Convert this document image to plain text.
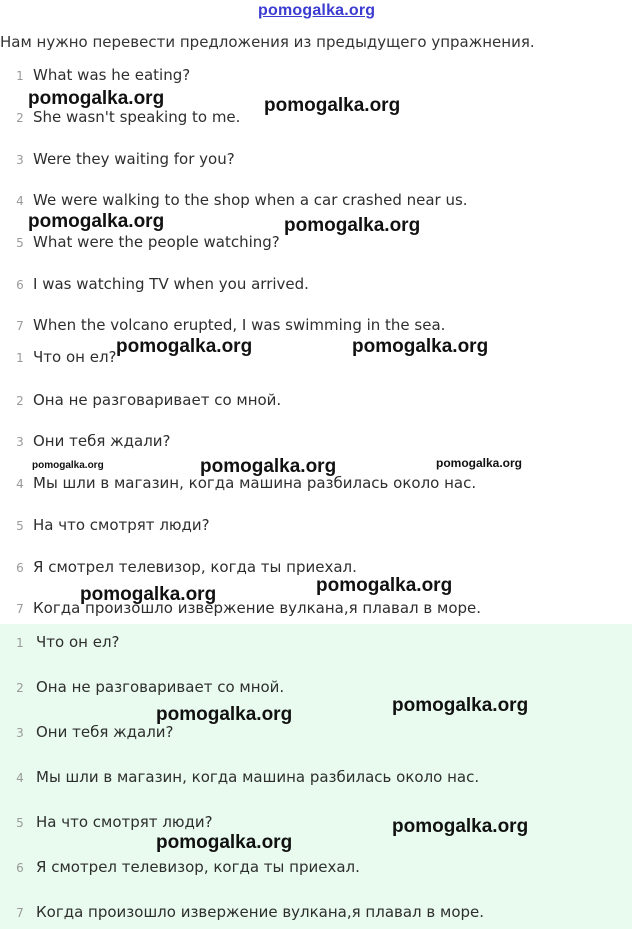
pomogalka.org
Нам нужно перевести предложения из предыдущего упражнения.
1 What was he eating?
2 She wasn't speaking to me.
3 Were they waiting for you?
4 We were walking to the shop when a car crashed near us.
5 What were the people watching?
6 I was watching TV when you arrived.
7 When the volcano erupted, I was swimming in the sea.
1 Что он ел?
2 Она не разговаривает со мной.
3 Они тебя ждали?
4 Мы шли в магазин, когда машина разбилась около нас.
5 На что смотрят люди?
6 Я смотрел телевизор, когда ты приехал.
7 Когда произошло извержение вулкана,я плавал в море.
1 Что он ел?
2 Она не разговаривает со мной.
3 Они тебя ждали?
4 Мы шли в магазин, когда машина разбилась около нас.
5 На что смотрят люди?
6 Я смотрел телевизор, когда ты приехал.
7 Когда произошло извержение вулкана,я плавал в море.
pomogalka.org	pomogalka.org
pomogalka.org	pomogalka.org
pomogalka.org	pomogalka.org
pomogalka.org	pomogalka.org	pomogalka.org
pomogalka.org	pomogalka.org
pomogalka.org	pomogalka.org
pomogalka.org
pomogalka.org
